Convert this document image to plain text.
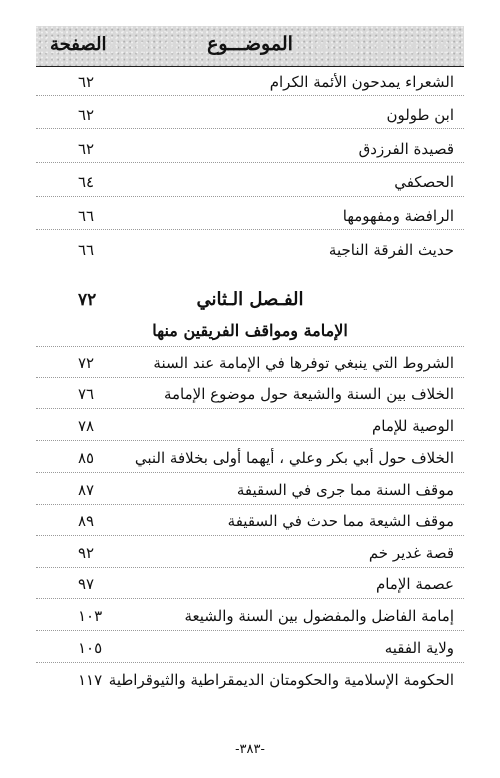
الصفحة	الموضـــوع
الشعراء يمدحون الأئمة الكرام
٦٢
ابن طولون
٦٢
قصيدة الفرزدق
٦٢
الحصكفي
٦٤
الرافضة ومفهومها
٦٦
حديث الفرقة الناجية
٦٦
الفـصل الـثاني
٧٢
الإمامة ومواقف الفريقين منها
الشروط التي ينبغي توفرها في الإمامة عند السنة
٧٢
الخلاف بين السنة والشيعة حول موضوع الإمامة
٧٦
الوصية للإمام
٧٨
الخلاف حول أبي بكر وعلي ، أيهما أولى بخلافة النبي
٨٥
موقف السنة مما جرى في السقيفة
٨٧
موقف الشيعة مما حدث في السقيفة
٨٩
قصة غدير خم
٩٢
عصمة الإمام
٩٧
إمامة الفاضل والمفضول بين السنة والشيعة
١٠٣
ولاية الفقيه
١٠٥
الحكومة الإسلامية والحكومتان الديمقراطية والثيوقراطية
١١٧
-٣٨٣-
